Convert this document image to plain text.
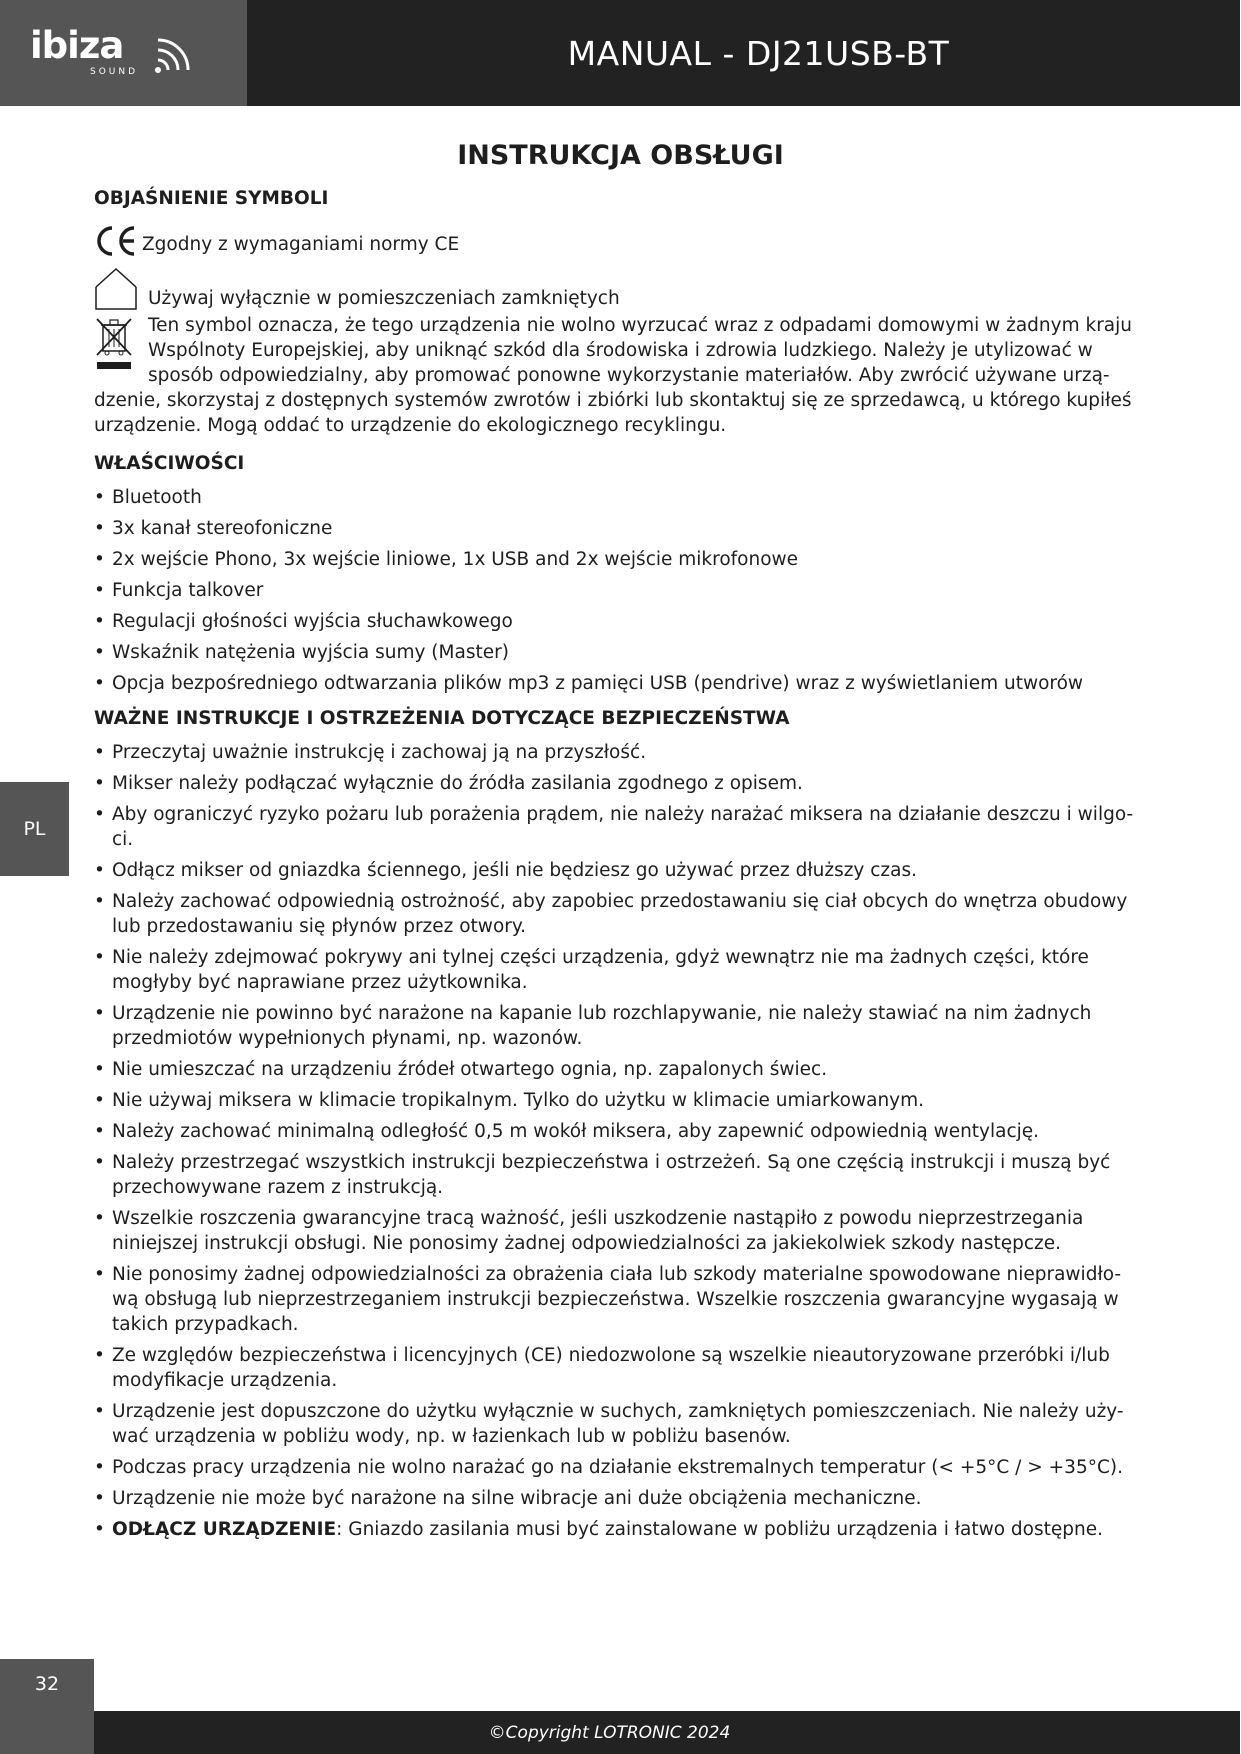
ibiza
SOUND	MANUAL - DJ21USB-BT
INSTRUKCJA OBSŁUGI

OBJAŚNIENIE SYMBOLI

Zgodny z wymaganiami normy CE
Używaj wyłącznie w pomieszczeniach zamkniętych
Ten symbol oznacza, że tego urządzenia nie wolno wyrzucać wraz z odpadami domowymi w żadnym kraju
Wspólnoty Europejskiej, aby uniknąć szkód dla środowiska i zdrowia ludzkiego. Należy je utylizować w
sposób odpowiedzialny, aby promować ponowne wykorzystanie materiałów. Aby zwrócić używane urzą-
dzenie, skorzystaj z dostępnych systemów zwrotów i zbiórki lub skontaktuj się ze sprzedawcą, u którego kupiłeś
urządzenie. Mogą oddać to urządzenie do ekologicznego recyklingu.

WŁAŚCIWOŚCI

• Bluetooth
• 3x kanał stereofoniczne
• 2x wejście Phono, 3x wejście liniowe, 1x USB and 2x wejście mikrofonowe
• Funkcja talkover
• Regulacji głośności wyjścia słuchawkowego
• Wskaźnik natężenia wyjścia sumy (Master)
• Opcja bezpośredniego odtwarzania plików mp3 z pamięci USB (pendrive) wraz z wyświetlaniem utworów

WAŻNE INSTRUKCJE I OSTRZEŻENIA DOTYCZĄCE BEZPIECZEŃSTWA

• Przeczytaj uważnie instrukcję i zachowaj ją na przyszłość.
• Mikser należy podłączać wyłącznie do źródła zasilania zgodnego z opisem.
• Aby ograniczyć ryzyko pożaru lub porażenia prądem, nie należy narażać miksera na działanie deszczu i wilgo-
ci.
• Odłącz mikser od gniazdka ściennego, jeśli nie będziesz go używać przez dłuższy czas.
• Należy zachować odpowiednią ostrożność, aby zapobiec przedostawaniu się ciał obcych do wnętrza obudowy
lub przedostawaniu się płynów przez otwory.
• Nie należy zdejmować pokrywy ani tylnej części urządzenia, gdyż wewnątrz nie ma żadnych części, które
mogłyby być naprawiane przez użytkownika.
• Urządzenie nie powinno być narażone na kapanie lub rozchlapywanie, nie należy stawiać na nim żadnych
przedmiotów wypełnionych płynami, np. wazonów.
• Nie umieszczać na urządzeniu źródeł otwartego ognia, np. zapalonych świec.
• Nie używaj miksera w klimacie tropikalnym. Tylko do użytku w klimacie umiarkowanym.
• Należy zachować minimalną odległość 0,5 m wokół miksera, aby zapewnić odpowiednią wentylację.
• Należy przestrzegać wszystkich instrukcji bezpieczeństwa i ostrzeżeń. Są one częścią instrukcji i muszą być
przechowywane razem z instrukcją.
• Wszelkie roszczenia gwarancyjne tracą ważność, jeśli uszkodzenie nastąpiło z powodu nieprzestrzegania
niniejszej instrukcji obsługi. Nie ponosimy żadnej odpowiedzialności za jakiekolwiek szkody następcze.
• Nie ponosimy żadnej odpowiedzialności za obrażenia ciała lub szkody materialne spowodowane nieprawidło-
wą obsługą lub nieprzestrzeganiem instrukcji bezpieczeństwa. Wszelkie roszczenia gwarancyjne wygasają w
takich przypadkach.
• Ze względów bezpieczeństwa i licencyjnych (CE) niedozwolone są wszelkie nieautoryzowane przeróbki i/lub
modyfikacje urządzenia.
• Urządzenie jest dopuszczone do użytku wyłącznie w suchych, zamkniętych pomieszczeniach. Nie należy uży-
wać urządzenia w pobliżu wody, np. w łazienkach lub w pobliżu basenów.
• Podczas pracy urządzenia nie wolno narażać go na działanie ekstremalnych temperatur (< +5°C / > +35°C).
• Urządzenie nie może być narażone na silne wibracje ani duże obciążenia mechaniczne.
• ODŁĄCZ URZĄDZENIE: Gniazdo zasilania musi być zainstalowane w pobliżu urządzenia i łatwo dostępne.
PL
32
©Copyright LOTRONIC 2024
